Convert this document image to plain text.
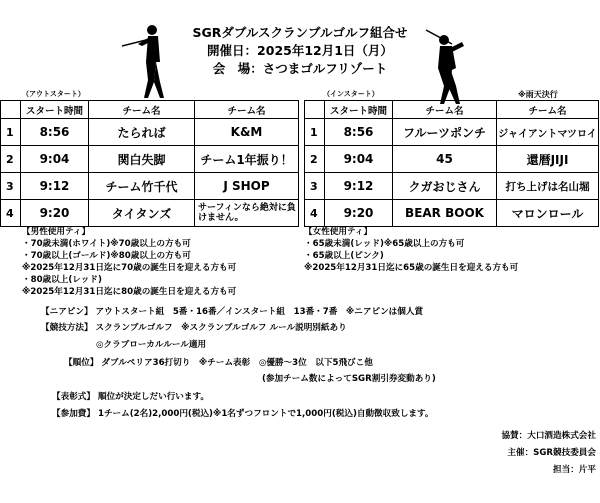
SGRダブルスクランブルゴルフ組合せ
開催日：2025年12月1日（月）
会　場：さつまゴルフリゾート
（アウトスタート）	（インスタート）	※雨天決行
	スタート時間	チーム名	チーム名
1	8:56	たられば	K&M
2	9:04	関白失脚	チーム1年振り！
3	9:12	チーム竹千代	J SHOP
4	9:20	タイタンズ	サーフィンなら絶対に負けません。
	スタート時間	チーム名	チーム名
1	8:56	フルーツポンチ	ジャイアントマツロイ
2	9:04	45	還暦JIJI
3	9:12	クガおじさん	打ち上げは名山堀
4	9:20	BEAR BOOK	マロンロール
【男性使用ティ】
・70歳未満(ホワイト)※70歳以上の方も可
・70歳以上(ゴールド)※80歳以上の方も可
※2025年12月31日迄に70歳の誕生日を迎える方も可
・80歳以上(レッド)
※2025年12月31日迄に80歳の誕生日を迎える方も可
【女性使用ティ】
・65歳未満(レッド)※65歳以上の方も可
・65歳以上(ピンク)
※2025年12月31日迄に65歳の誕生日を迎える方も可
【ニアピン】 アウトスタート組　5番・16番／インスタート組　13番・7番　※ニアピンは個人賞
【競技方法】 スクランブルゴルフ　※スクランブルゴルフ ルール説明別紙あり
◎クラブローカルルール適用
【順位】 ダブルペリア36打切り　※チーム表彰　◎優勝～3位　以下5飛びこ他
(参加チーム数によってSGR割引券変動あり)
【表彰式】 順位が決定しだい行います。
【参加費】 1チーム(2名)2,000円(税込)※1名ずつフロントで1,000円(税込)自動徴収致します。
協賛：大口酒造株式会社
主催：SGR競技委員会
担当：片平
